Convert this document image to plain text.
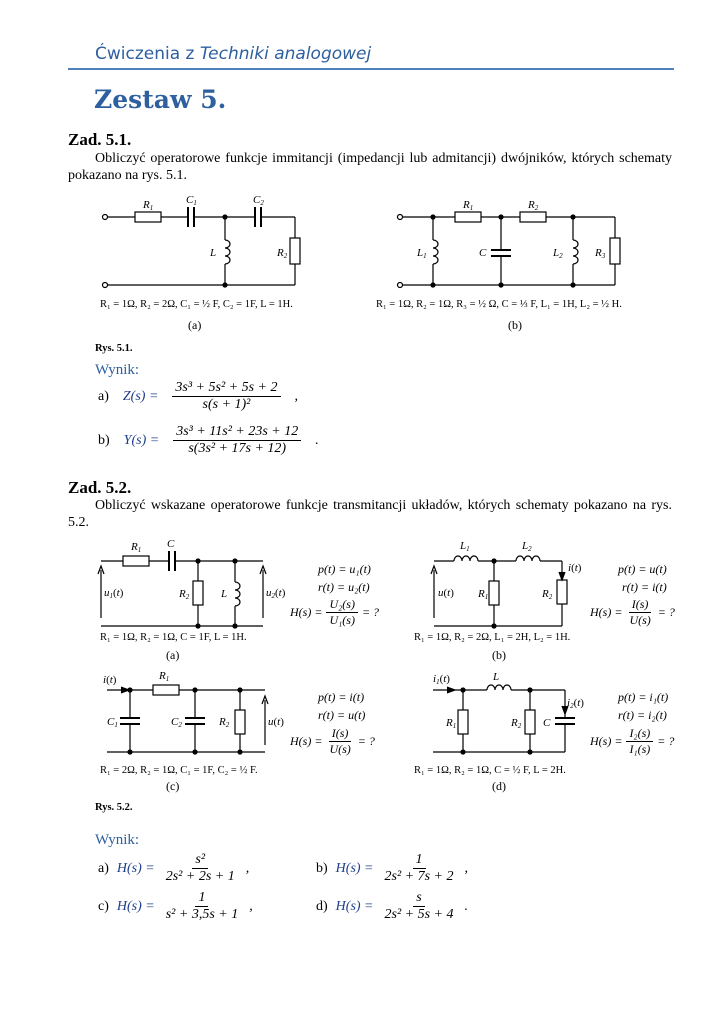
Ćwiczenia z Techniki analogowej
Zestaw 5.
Zad. 5.1.
Obliczyć operatorowe funkcje immitancji (impedancji lub admitancji) dwójników, których schematy pokazano na rys. 5.1.
R1
C1	C2
L	R2
R₁ = 1Ω, R₂ = 2Ω, C₁ = ½ F, C₂ = 1F, L = 1H.
(a)
R1	R2
L1	C	L2	R3
R₁ = 1Ω, R₂ = 1Ω, R₃ = ½ Ω, C = ⅓ F, L₁ = 1H, L₂ = ½ H.
(b)
Rys. 5.1.
Wynik:
a) $Z(s) = \frac{\text{3s³ + 5s² + 5s + 2}}{\text{s(s + 1)²}}$ ,
b) $Y(s) = \frac{\text{3s³ + 11s² + 23s + 12}}{\text{s(3s² + 17s + 12)}}$ .
Zad. 5.2.
Obliczyć wskazane operatorowe funkcje transmitancji układów, których schematy pokazano na rys. 5.2.
R1 C
R2	L
u1(t)	u2(t)
R₁ = 1Ω, R₂ = 1Ω, C = 1F, L = 1H.
(a)
p(t) = u₁(t)
r(t) = u₂(t)
$H(s) = \frac{\text{U₂(s)}}{\text{U₁(s)}}$ = ?
L1	L2
R1	R2
u(t)
i(t)
R₁ = 1Ω, R₂ = 2Ω, L₁ = 2H, L₂ = 1H.
(b)
p(t) = u(t)
r(t) = i(t)
$H(s) = \frac{I(s)}{U(s)}$ = ?
i(t)	R1
C1	C2	R2	u(t)
R₁ = 2Ω, R₂ = 1Ω, C₁ = 1F, C₂ = ½ F.
(c)
p(t) = i(t)
r(t) = u(t)
$H(s) = \frac{I(s)}{U(s)}$ = ?
i1(t)	L
R1	R2 C
i2(t)
R₁ = 1Ω, R₂ = 1Ω, C = ½ F, L = 2H.
(d)
p(t) = i₁(t)
r(t) = i₂(t)
$H(s) = \frac{\text{I₂(s)}}{\text{I₁(s)}}$ = ?
Rys. 5.2.
Wynik:
a) $H(s) = \frac{\text{s²}}{\text{2s² + 2s + 1}}$ ,	b) $H(s) = \frac{1}{\text{2s² + 7s + 2}}$ ,
c) $H(s) = \frac{1}{\text{s² + 3,5s + 1}}$ ,	d) $H(s) = \frac{s}{\text{2s² + 5s + 4}}$ .
